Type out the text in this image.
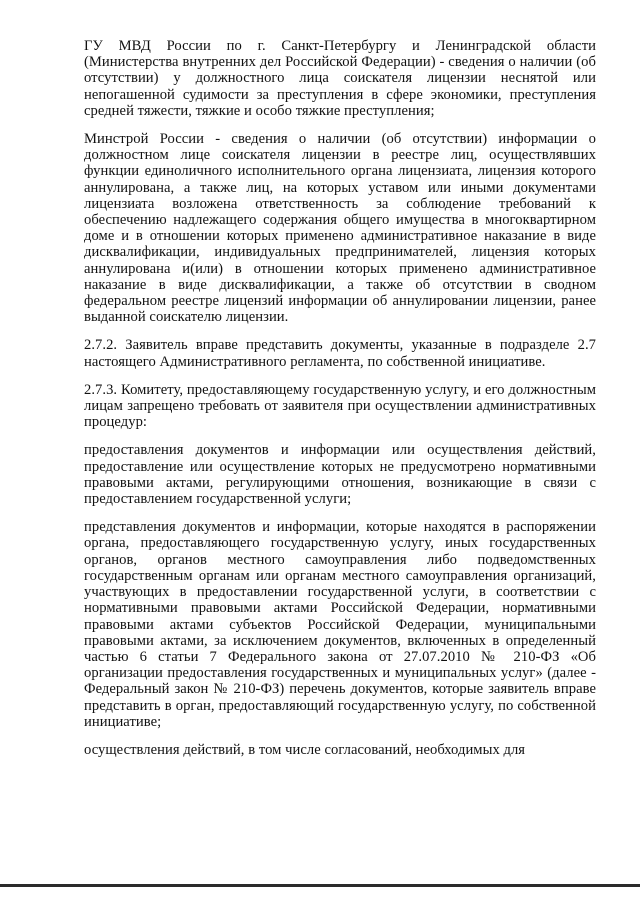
ГУ МВД России по г. Санкт-Петербургу и Ленинградской области (Министерства внутренних дел Российской Федерации) - сведения о наличии (об отсутствии) у должностного лица соискателя лицензии неснятой или непогашенной судимости за преступления в сфере экономики, преступления средней тяжести, тяжкие и особо тяжкие преступления;

Минстрой России - сведения о наличии (об отсутствии) информации о должностном лице соискателя лицензии в реестре лиц, осуществлявших функции единоличного исполнительного органа лицензиата, лицензия которого аннулирована, а также лиц, на которых уставом или иными документами лицензиата возложена ответственность за соблюдение требований к обеспечению надлежащего содержания общего имущества в многоквартирном доме и в отношении которых применено административное наказание в виде дисквалификации, индивидуальных предпринимателей, лицензия которых аннулирована и(или) в отношении которых применено административное наказание в виде дисквалификации, а также об отсутствии в сводном федеральном реестре лицензий информации об аннулировании лицензии, ранее выданной соискателю лицензии.

2.7.2. Заявитель вправе представить документы, указанные в подразделе 2.7 настоящего Административного регламента, по собственной инициативе.

2.7.3. Комитету, предоставляющему государственную услугу, и его должностным лицам запрещено требовать от заявителя при осуществлении административных процедур:

предоставления документов и информации или осуществления действий, предоставление или осуществление которых не предусмотрено нормативными правовыми актами, регулирующими отношения, возникающие в связи с предоставлением государственной услуги;

представления документов и информации, которые находятся в распоряжении органа, предоставляющего государственную услугу, иных государственных органов, органов местного самоуправления либо подведомственных государственным органам или органам местного самоуправления организаций, участвующих в предоставлении государственной услуги, в соответствии с нормативными правовыми актами Российской Федерации, нормативными правовыми актами субъектов Российской Федерации, муниципальными правовыми актами, за исключением документов, включенных в определенный частью 6 статьи 7 Федерального закона от 27.07.2010 № 210-ФЗ «Об организации предоставления государственных и муниципальных услуг» (далее - Федеральный закон № 210-ФЗ) перечень документов, которые заявитель вправе представить в орган, предоставляющий государственную услугу, по собственной инициативе;

осуществления действий, в том числе согласований, необходимых для
